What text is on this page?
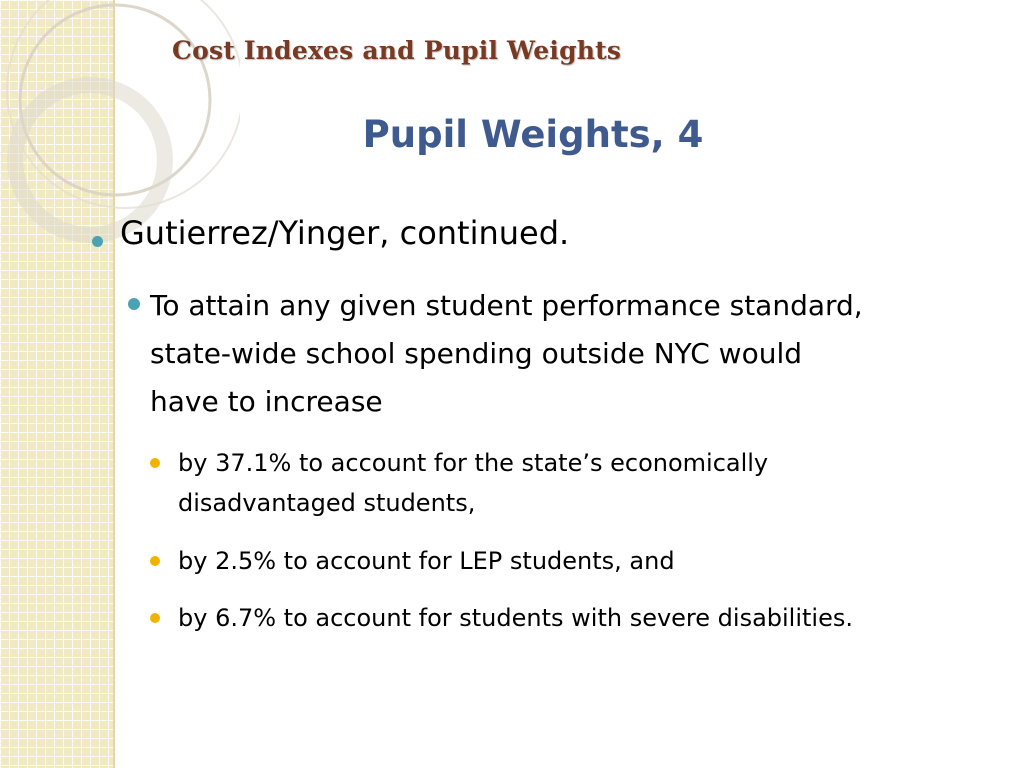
Cost Indexes and Pupil Weights
Pupil Weights, 4
Gutierrez/Yinger, continued.
To attain any given student performance standard,
state-wide school spending outside NYC would
have to increase
by 37.1% to account for the state’s economically
disadvantaged students,
by 2.5% to account for LEP students, and
by 6.7% to account for students with severe disabilities.
